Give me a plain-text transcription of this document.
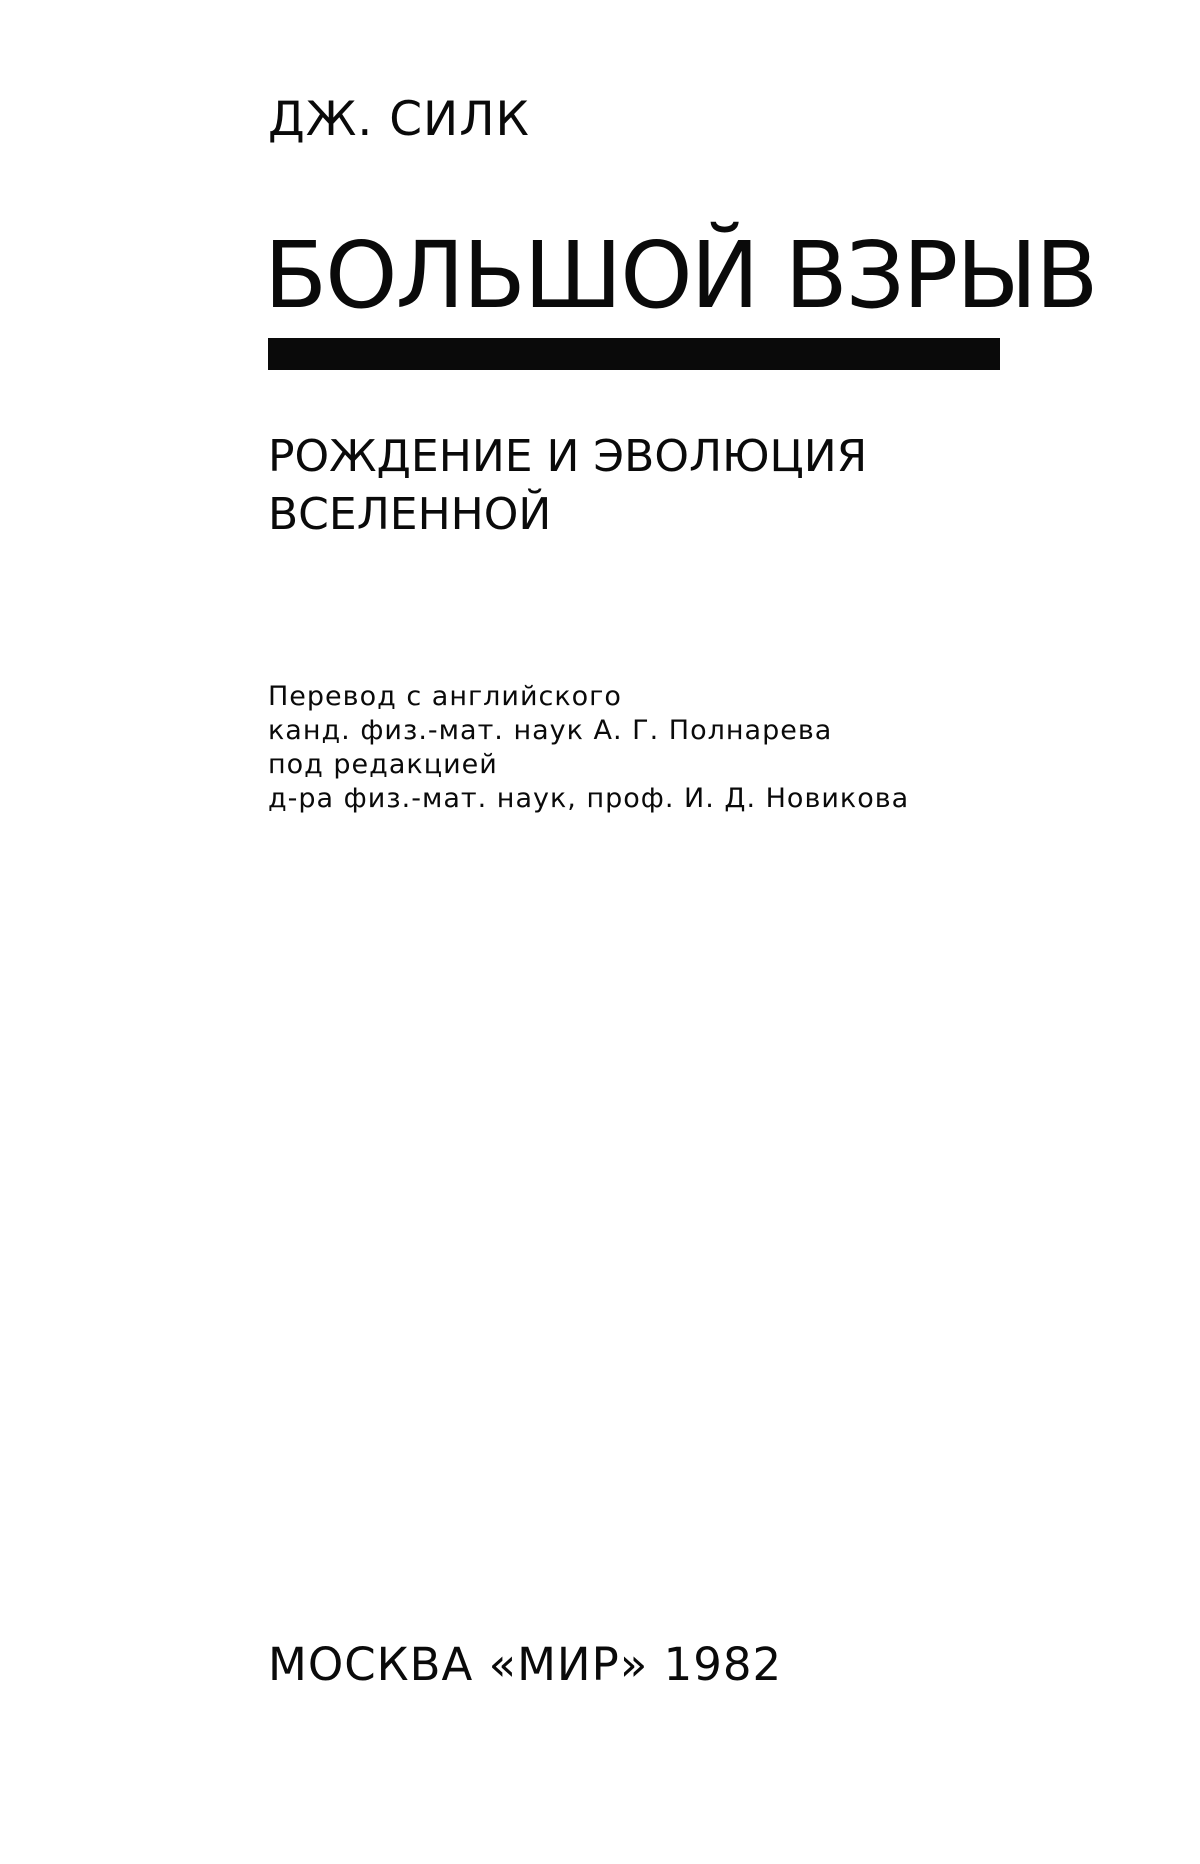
ДЖ. СИЛК
БОЛЬШОЙ ВЗРЫВ
РОЖДЕНИЕ И ЭВОЛЮЦИЯ
ВСЕЛЕННОЙ
Перевод с английского
канд. физ.-мат. наук А. Г. Полнарева
под редакцией
д-ра физ.-мат. наук, проф. И. Д. Новикова
МОСКВА «МИР» 1982
